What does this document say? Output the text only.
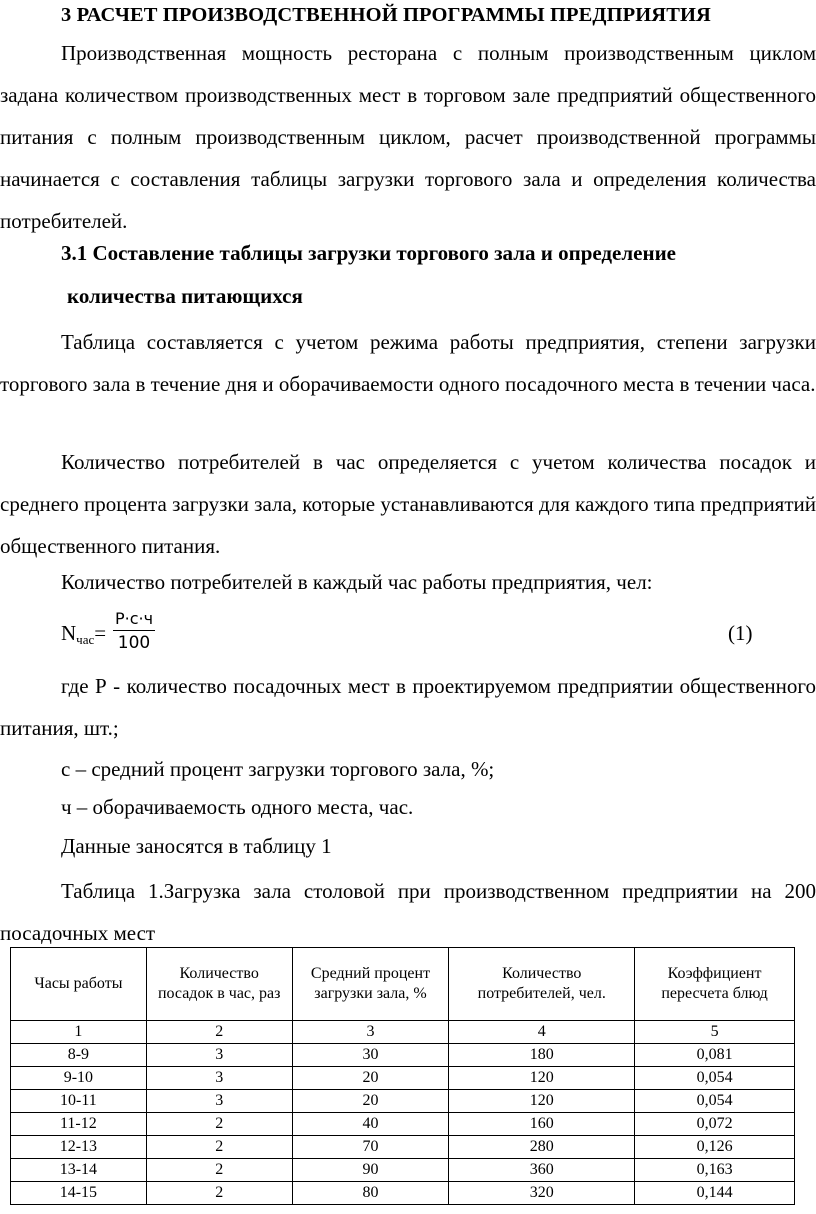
3 РАСЧЕТ ПРОИЗВОДСТВЕННОЙ ПРОГРАММЫ ПРЕДПРИЯТИЯ

Производственная мощность ресторана с полным производственным циклом задана количеством производственных мест в торговом зале предприятий общественного питания с полным производственным циклом, расчет производственной программы начинается с составления таблицы загрузки торгового зала и определения количества потребителей.

3.1 Составление таблицы загрузки торгового зала и определение

количества питающихся

Таблица составляется с учетом режима работы предприятия, степени загрузки торгового зала в течение дня и оборачиваемости одного посадочного места в течении часа.

Количество потребителей в час определяется с учетом количества посадок и среднего процента загрузки зала, которые устанавливаются для каждого типа предприятий общественного питания.

Количество потребителей в каждый час работы предприятия, чел:

$N_{час}=$
Р·с·ч
100	(1)

где Р - количество посадочных мест в проектируемом предприятии общественного питания, шт.;

с – средний процент загрузки торгового зала, %;

ч – оборачиваемость одного места, час.

Данные заносятся в таблицу 1

Таблица 1.Загрузка зала столовой при производственном предприятии на 200 посадочных мест

Часы работы	Количество посадок в час, раз	Средний процент загрузки зала, %	Количество потребителей, чел.	Коэффициент пересчета блюд
1	2	3	4	5
8-9	3	30	180	0,081
9-10	3	20	120	0,054
10-11	3	20	120	0,054
11-12	2	40	160	0,072
12-13	2	70	280	0,126
13-14	2	90	360	0,163
14-15	2	80	320	0,144
